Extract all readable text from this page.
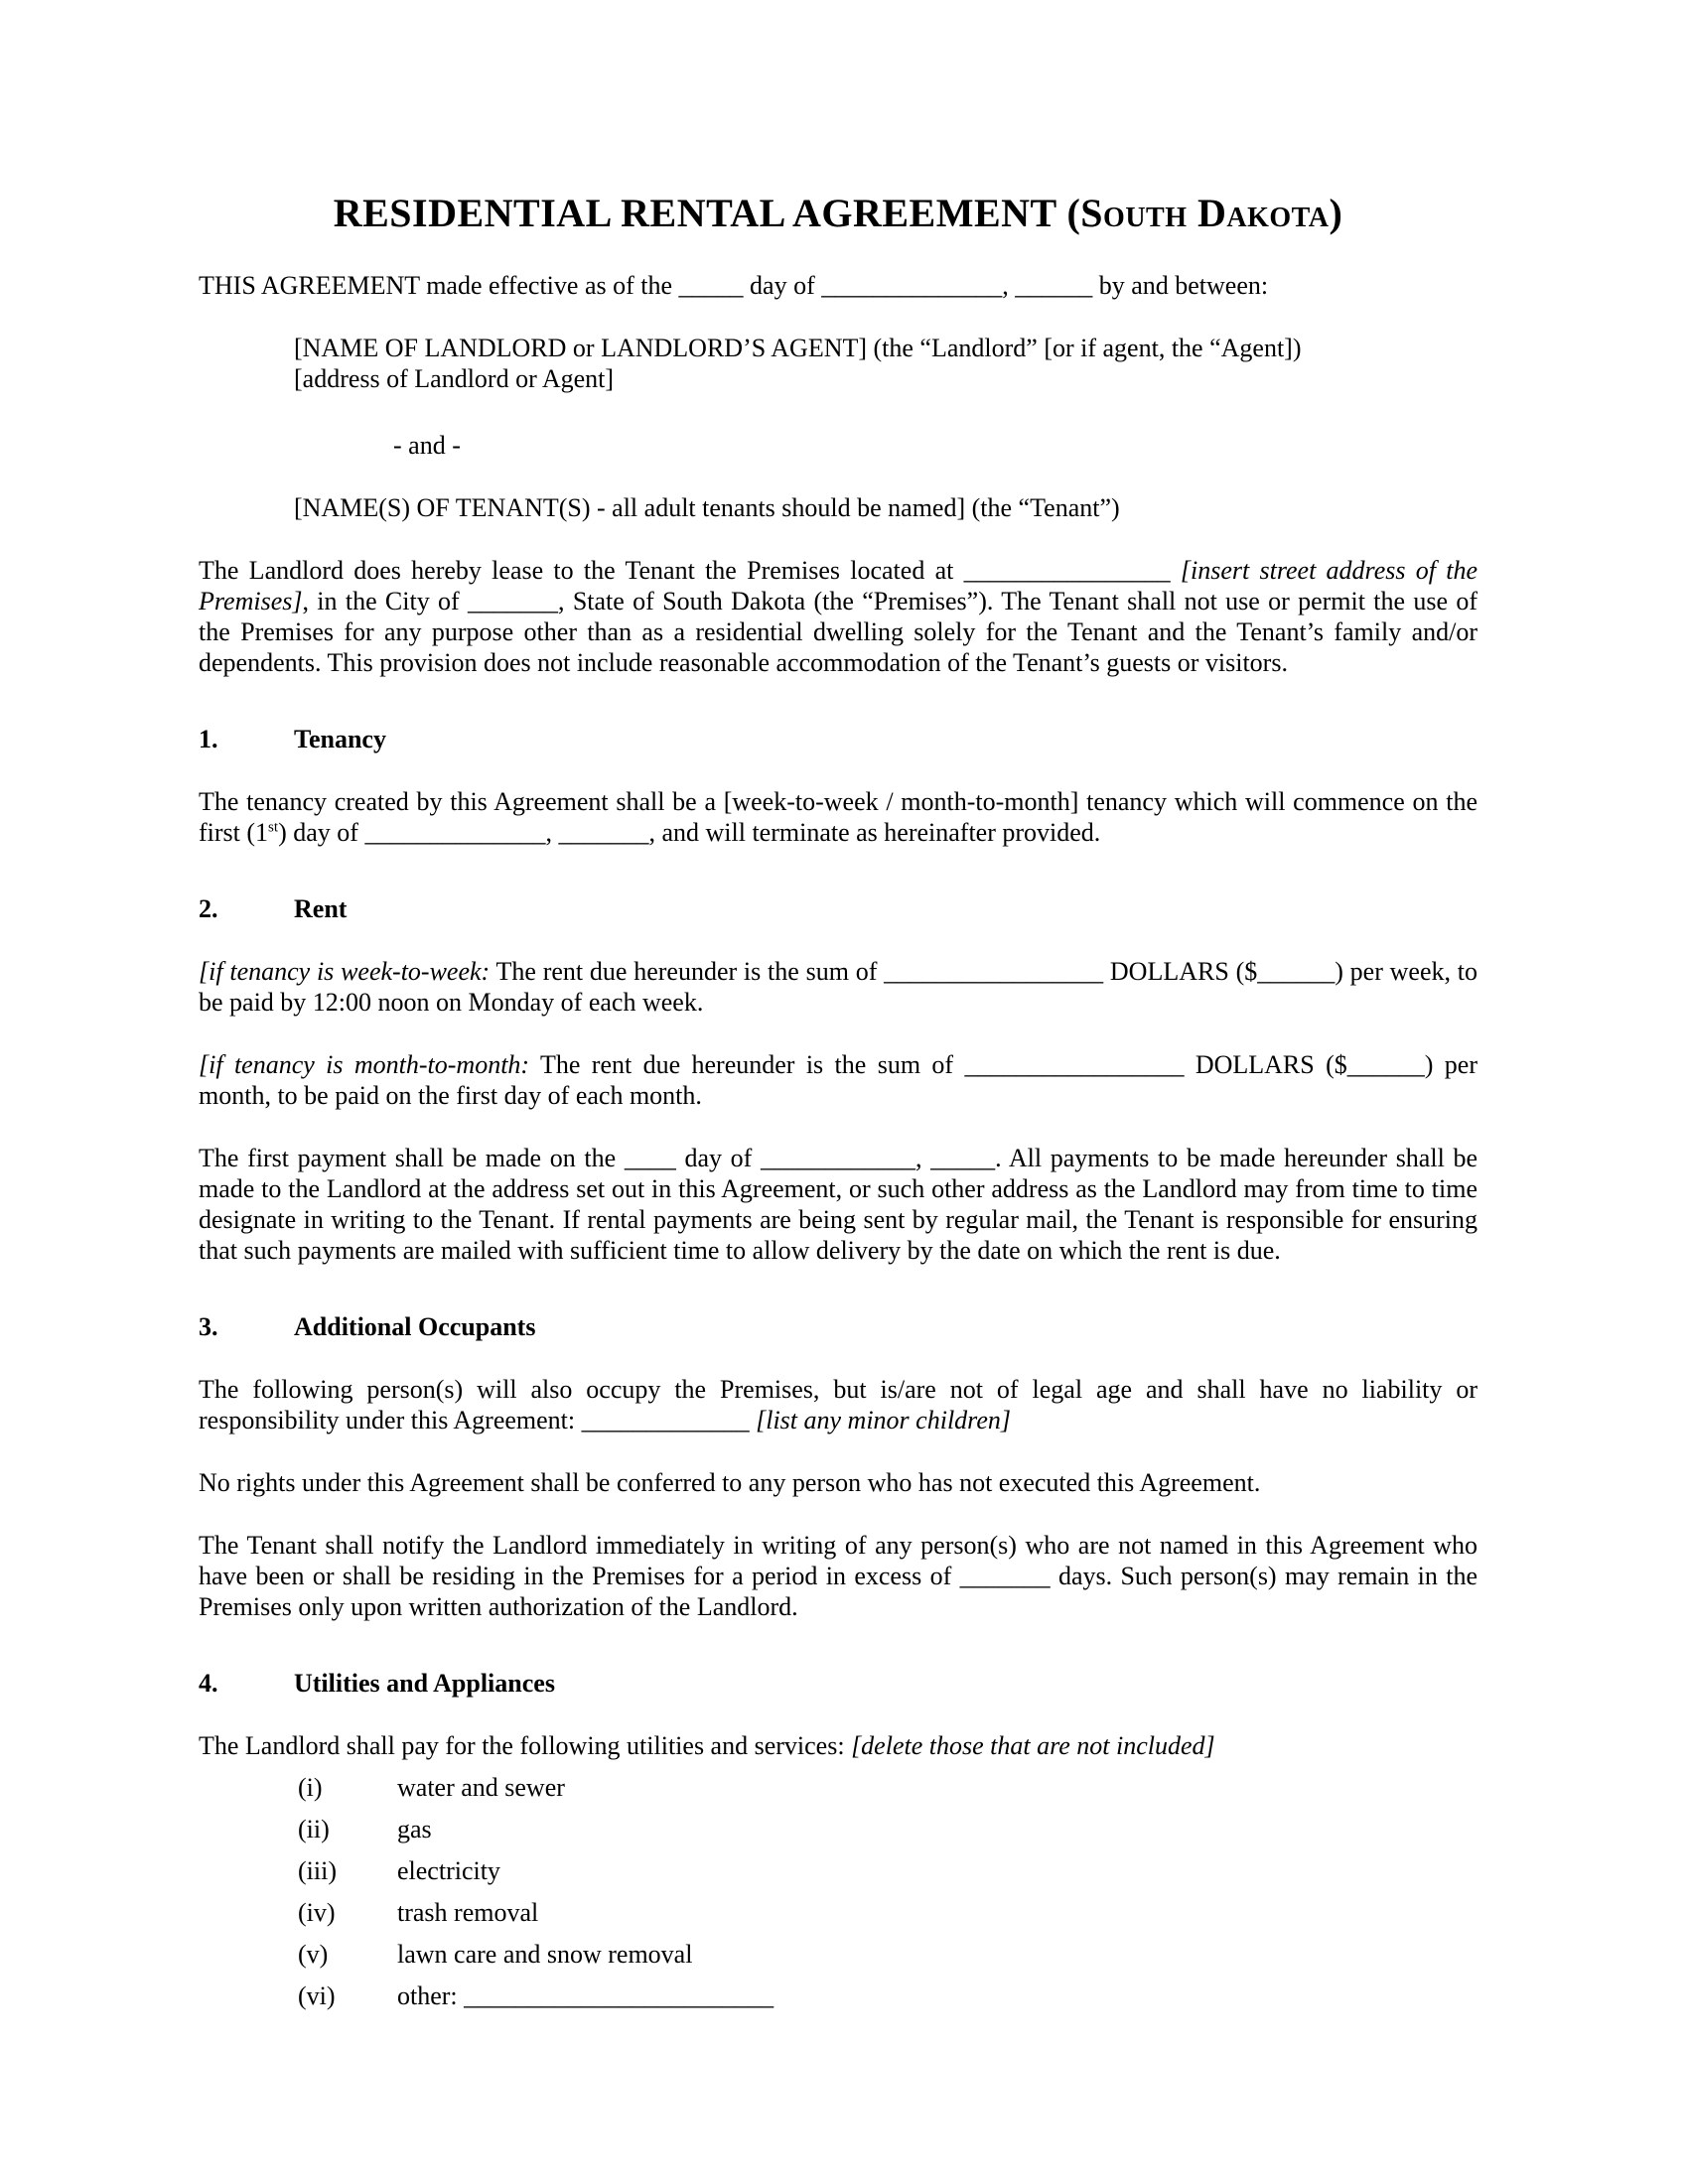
RESIDENTIAL RENTAL AGREEMENT (South Dakota)

THIS AGREEMENT made effective as of the _____ day of ______________, ______ by and between:

[NAME OF LANDLORD or LANDLORD’S AGENT] (the “Landlord” [or if agent, the “Agent])
[address of Landlord or Agent]

- and -

[NAME(S) OF TENANT(S) - all adult tenants should be named] (the “Tenant”)

The Landlord does hereby lease to the Tenant the Premises located at ________________ [insert street address of the Premises], in the City of _______, State of South Dakota (the “Premises”). The Tenant shall not use or permit the use of the Premises for any purpose other than as a residential dwelling solely for the Tenant and the Tenant’s family and/or dependents. This provision does not include reasonable accommodation of the Tenant’s guests or visitors.

1.	Tenancy

The tenancy created by this Agreement shall be a [week-to-week / month-to-month] tenancy which will commence on the first (1st) day of ______________, _______, and will terminate as hereinafter provided.

2.	Rent

[if tenancy is week-to-week: The rent due hereunder is the sum of _________________ DOLLARS ($______) per week, to be paid by 12:00 noon on Monday of each week.

[if tenancy is month-to-month: The rent due hereunder is the sum of _________________ DOLLARS ($______) per month, to be paid on the first day of each month.

The first payment shall be made on the ____ day of ____________, _____. All payments to be made hereunder shall be made to the Landlord at the address set out in this Agreement, or such other address as the Landlord may from time to time designate in writing to the Tenant. If rental payments are being sent by regular mail, the Tenant is responsible for ensuring that such payments are mailed with sufficient time to allow delivery by the date on which the rent is due.

3.	Additional Occupants

The following person(s) will also occupy the Premises, but is/are not of legal age and shall have no liability or responsibility under this Agreement: _____________ [list any minor children]

No rights under this Agreement shall be conferred to any person who has not executed this Agreement.

The Tenant shall notify the Landlord immediately in writing of any person(s) who are not named in this Agreement who have been or shall be residing in the Premises for a period in excess of _______ days. Such person(s) may remain in the Premises only upon written authorization of the Landlord.

4.	Utilities and Appliances

The Landlord shall pay for the following utilities and services: [delete those that are not included]

(i)	water and sewer
(ii)	gas
(iii) electricity
(iv) trash removal
(v)	lawn care and snow removal
(vi) other: ________________________
